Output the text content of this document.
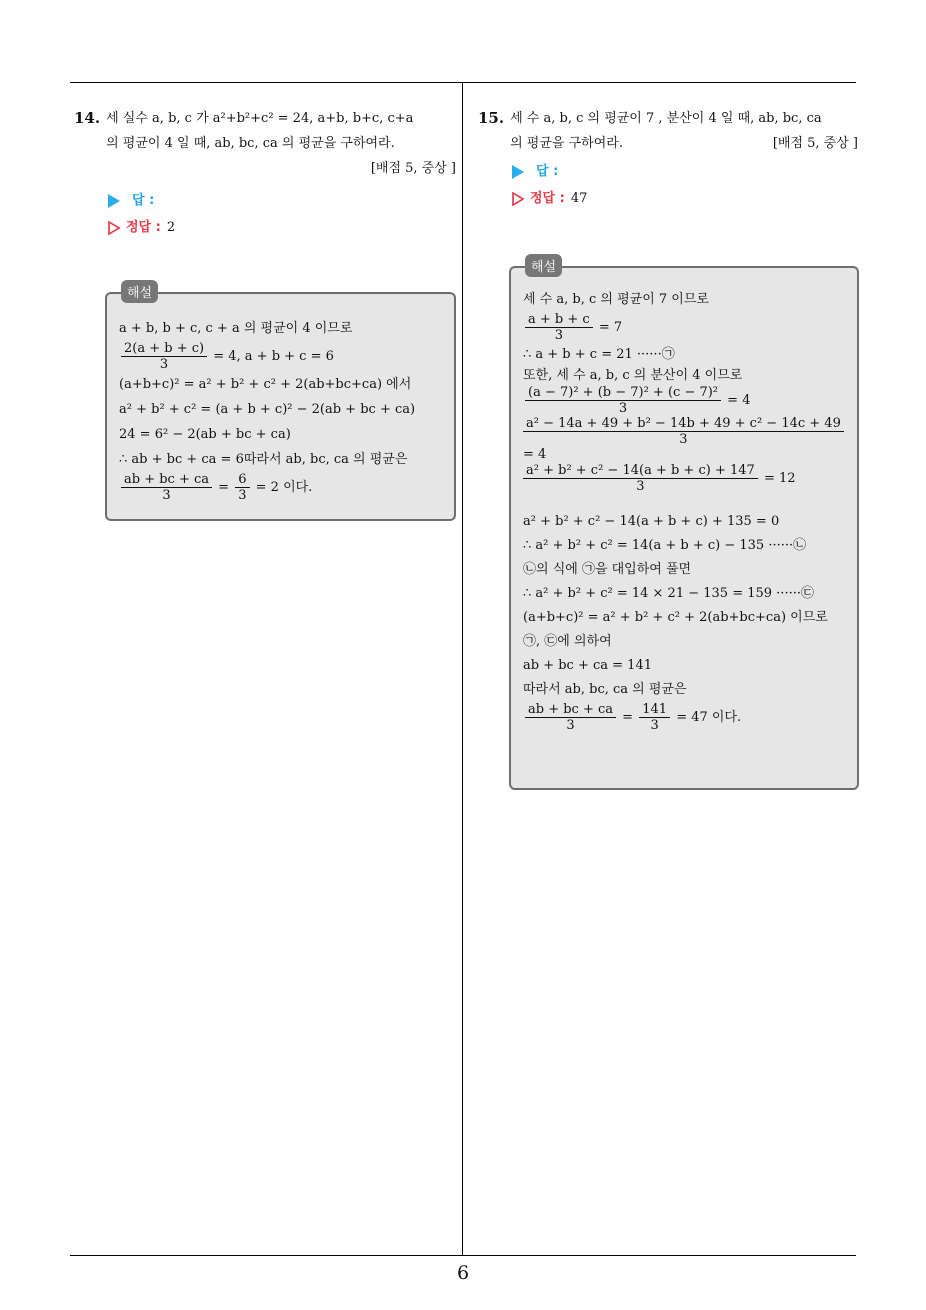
14. 세 실수 a, b, c 가 a²+b²+c² = 24, a+b, b+c, c+a
의 평균이 4 일 때, ab, bc, ca 의 평균을 구하여라.
[배점 5, 중상 ]
답 :
정답 : 2
해설
a + b, b + c, c + a 의 평균이 4 이므로
$\frac{2(a + b + c)}{3} = 4$, a + b + c = 6
(a+b+c)² = a² + b² + c² + 2(ab+bc+ca) 에서
a² + b² + c² = (a + b + c)² − 2(ab + bc + ca)
24 = 6² − 2(ab + bc + ca)
∴ ab + bc + ca = 6따라서 ab, bc, ca 의 평균은
$\frac{ab + bc + ca}{3} = \frac{6}{3} = 2$ 이다.
15. 세 수 a, b, c 의 평균이 7 , 분산이 4 일 때, ab, bc, ca
의 평균을 구하여라.	[배점 5, 중상 ]
답 :
정답 : 47
해설
세 수 a, b, c 의 평균이 7 이므로
$\frac{a + b + c}{3} = 7$
∴ a + b + c = 21 ······㉠
또한, 세 수 a, b, c 의 분산이 4 이므로
$\frac{\text{(a − 7)² + (b − 7)² + (c − 7)²}}{3} = 4$
$\frac{\text{a² − 14a + 49 + b² − 14b + 49 + c² − 14c + 49}}{3}$
= 4
$\frac{\text{a² + b² + c² − 14(a + b + c) + 147}}{3} = 12$
a² + b² + c² − 14(a + b + c) + 135 = 0
∴ a² + b² + c² = 14(a + b + c) − 135 ······㉡
㉡의 식에 ㉠을 대입하여 풀면
∴ a² + b² + c² = 14 × 21 − 135 = 159 ······㉢
(a+b+c)² = a² + b² + c² + 2(ab+bc+ca) 이므로
㉠, ㉢에 의하여
ab + bc + ca = 141
따라서 ab, bc, ca 의 평균은
$\frac{ab + bc + ca}{3} = \frac{141}{3} = 47$ 이다.
6
